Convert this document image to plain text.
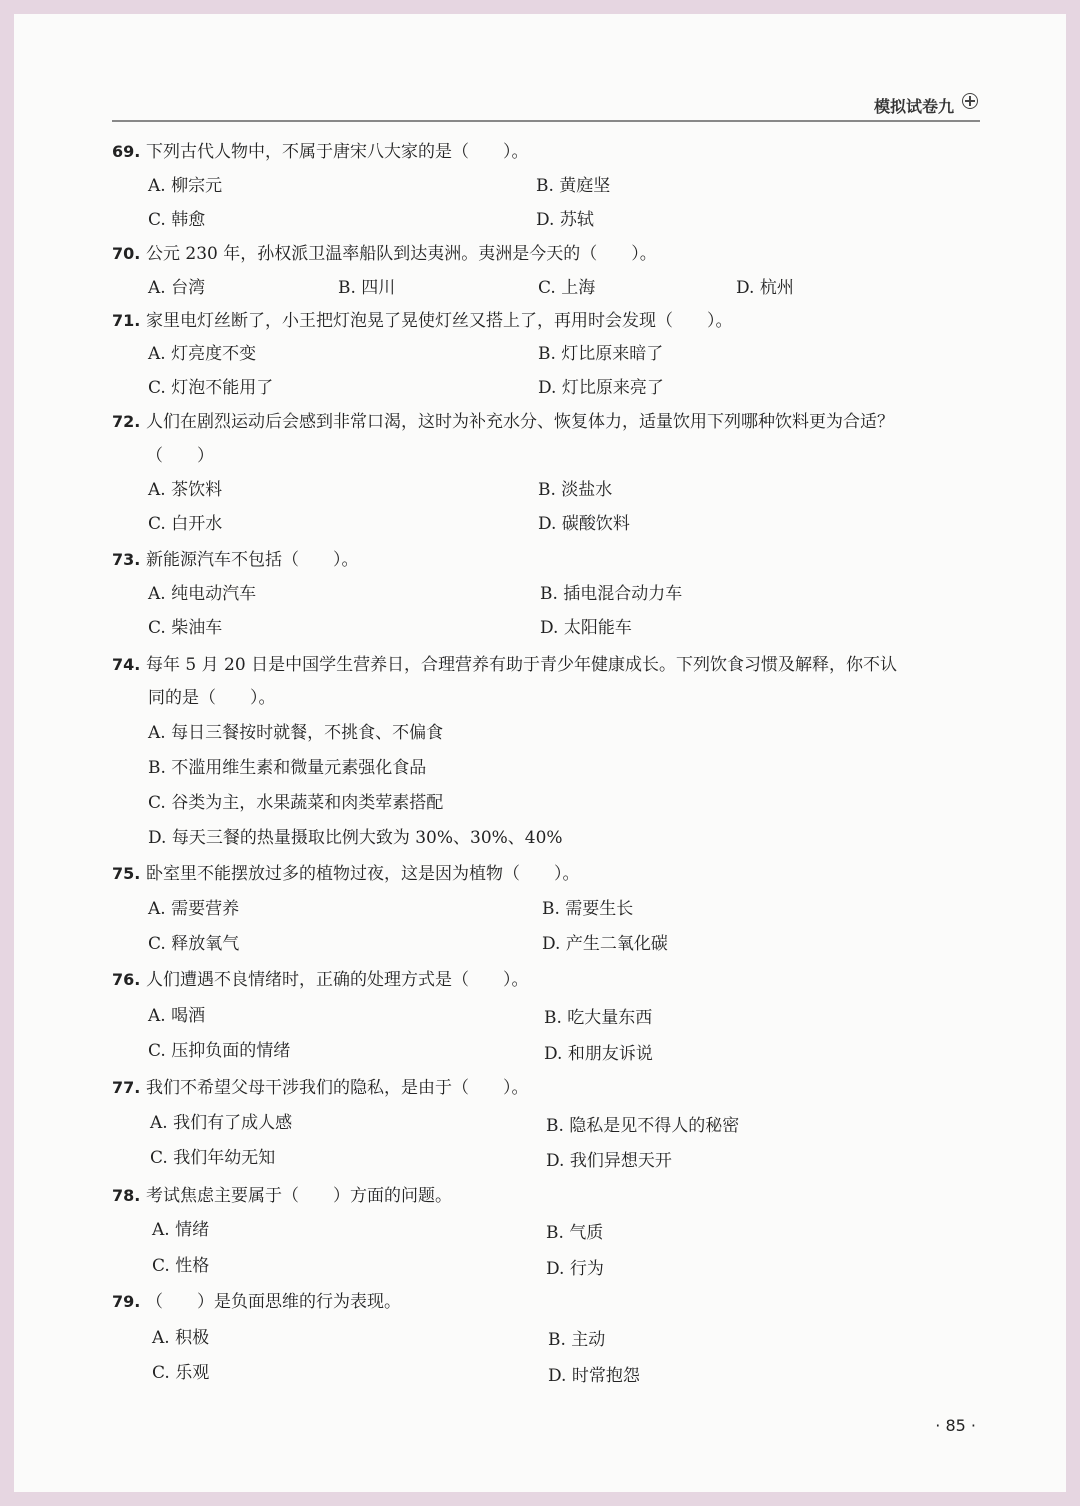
模拟试卷九
69. 下列古代人物中，不属于唐宋八大家的是（　　）。
A. 柳宗元	B. 黄庭坚
C. 韩愈	D. 苏轼
70. 公元 230 年，孙权派卫温率船队到达夷洲。夷洲是今天的（　　）。
A. 台湾	B. 四川	C. 上海	D. 杭州
71. 家里电灯丝断了，小王把灯泡晃了晃使灯丝又搭上了，再用时会发现（　　）。
A. 灯亮度不变	B. 灯比原来暗了
C. 灯泡不能用了	D. 灯比原来亮了
72. 人们在剧烈运动后会感到非常口渴，这时为补充水分、恢复体力，适量饮用下列哪种饮料更为合适？
（　　）
A. 茶饮料	B. 淡盐水
C. 白开水	D. 碳酸饮料
73. 新能源汽车不包括（　　）。
A. 纯电动汽车	B. 插电混合动力车
C. 柴油车	D. 太阳能车
74. 每年 5 月 20 日是中国学生营养日，合理营养有助于青少年健康成长。下列饮食习惯及解释，你不认
同的是（　　）。
A. 每日三餐按时就餐，不挑食、不偏食
B. 不滥用维生素和微量元素强化食品
C. 谷类为主，水果蔬菜和肉类荤素搭配
D. 每天三餐的热量摄取比例大致为 30%、30%、40%
75. 卧室里不能摆放过多的植物过夜，这是因为植物（　　）。
A. 需要营养	B. 需要生长
C. 释放氧气	D. 产生二氧化碳
76. 人们遭遇不良情绪时，正确的处理方式是（　　）。
A. 喝酒	B. 吃大量东西
C. 压抑负面的情绪	D. 和朋友诉说
77. 我们不希望父母干涉我们的隐私，是由于（　　）。
A. 我们有了成人感	B. 隐私是见不得人的秘密
C. 我们年幼无知	D. 我们异想天开
78. 考试焦虑主要属于（　　）方面的问题。
A. 情绪	B. 气质
C. 性格	D. 行为
79. （　　）是负面思维的行为表现。
A. 积极	B. 主动
C. 乐观	D. 时常抱怨
· 85 ·
